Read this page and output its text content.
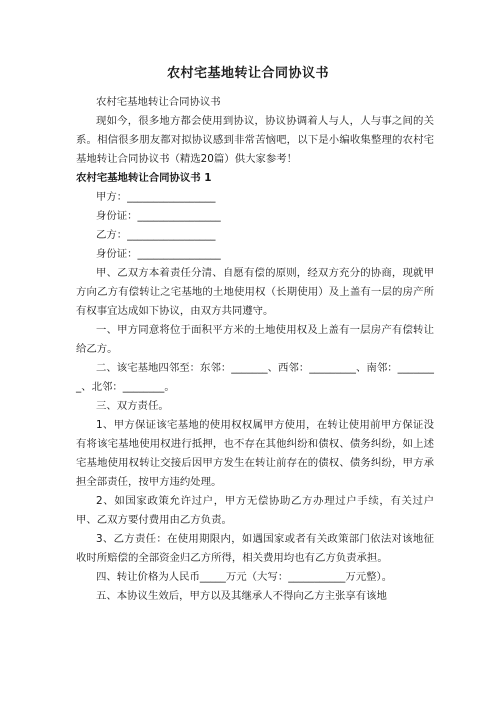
农村宅基地转让合同协议书

农村宅基地转让合同协议书

现如今，很多地方都会使用到协议，协议协调着人与人，人与事之间的关系。相信很多朋友都对拟协议感到非常苦恼吧，以下是小编收集整理的农村宅基地转让合同协议书（精选20篇）供大家参考！

农村宅基地转让合同协议书 1

甲方：_________________

身份证：________________

乙方：_________________

身份证：________________

甲、乙双方本着责任分清、自愿有偿的原则，经双方充分的协商，现就甲方向乙方有偿转让之宅基地的土地使用权（长期使用）及上盖有一层的房产所有权事宜达成如下协议，由双方共同遵守。

一、甲方同意将位于面积平方米的土地使用权及上盖有一层房产有偿转让给乙方。

二、该宅基地四邻至：东邻：_______、西邻：_________、南邻：________、北邻：________。

三、双方责任。

1、甲方保证该宅基地的使用权权属甲方使用，在转让使用前甲方保证没有将该宅基地使用权进行抵押，也不存在其他纠纷和债权、债务纠纷，如上述宅基地使用权转让交接后因甲方发生在转让前存在的债权、债务纠纷，甲方承担全部责任，按甲方违约处理。

2、如国家政策允许过户，甲方无偿协助乙方办理过户手续，有关过户甲、乙双方要付费用由乙方负责。

3、乙方责任：在使用期限内，如遇国家或者有关政策部门依法对该地征收时所赔偿的全部资金归乙方所得，相关费用均也有乙方负责承担。

四、转让价格为人民币_____万元（大写：___________万元整）。

五、本协议生效后，甲方以及其继承人不得向乙方主张享有该地
